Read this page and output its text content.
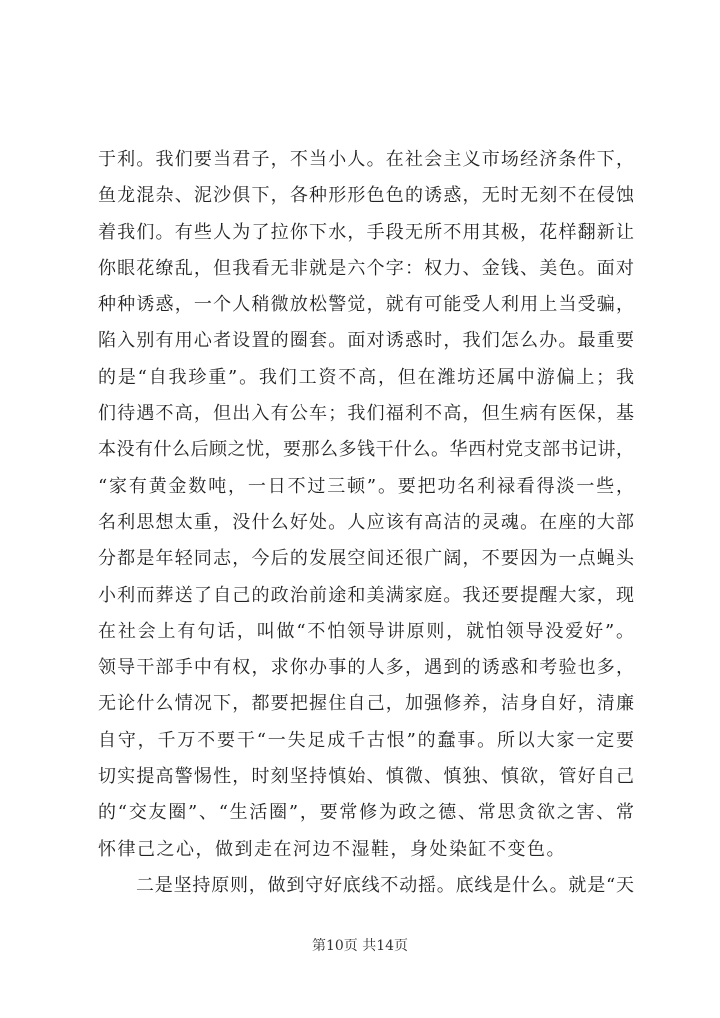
于利。我们要当君子，不当小人。在社会主义市场经济条件下，
鱼龙混杂、泥沙俱下，各种形形色色的诱惑，无时无刻不在侵蚀
着我们。有些人为了拉你下水，手段无所不用其极，花样翻新让
你眼花缭乱，但我看无非就是六个字：权力、金钱、美色。面对
种种诱惑，一个人稍微放松警觉，就有可能受人利用上当受骗，
陷入别有用心者设置的圈套。面对诱惑时，我们怎么办。最重要
的是“自我珍重”。我们工资不高，但在潍坊还属中游偏上；我
们待遇不高，但出入有公车；我们福利不高，但生病有医保，基
本没有什么后顾之忧，要那么多钱干什么。华西村党支部书记讲，
“家有黄金数吨，一日不过三顿”。要把功名利禄看得淡一些，
名利思想太重，没什么好处。人应该有高洁的灵魂。在座的大部
分都是年轻同志，今后的发展空间还很广阔，不要因为一点蝇头
小利而葬送了自己的政治前途和美满家庭。我还要提醒大家，现
在社会上有句话，叫做“不怕领导讲原则，就怕领导没爱好”。
领导干部手中有权，求你办事的人多，遇到的诱惑和考验也多，
无论什么情况下，都要把握住自己，加强修养，洁身自好，清廉
自守，千万不要干“一失足成千古恨”的蠢事。所以大家一定要
切实提高警惕性，时刻坚持慎始、慎微、慎独、慎欲，管好自己
的“交友圈”、“生活圈”，要常修为政之德、常思贪欲之害、常
怀律己之心，做到走在河边不湿鞋，身处染缸不变色。
二是坚持原则，做到守好底线不动摇。底线是什么。就是“天
第10页 共14页
